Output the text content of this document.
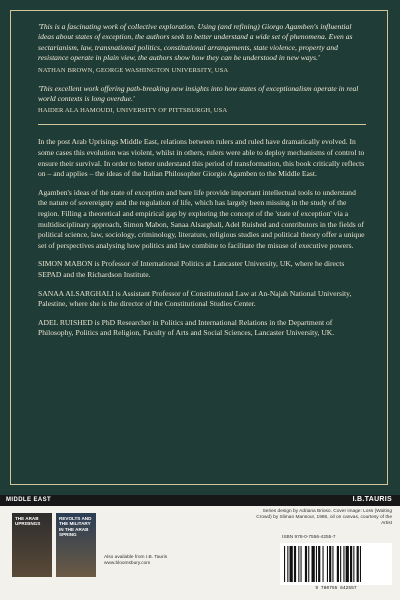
'This is a fascinating work of collective exploration. Using (and refining) Giorgo Agamben's influential ideas about states of exception, the authors seek to better understand a wide set of phenomena. Even as sectarianism, law, transnational politics, constitutional arrangements, state violence, property and resistance operate in plain view, the authors show how they can be understood in new ways.'

NATHAN BROWN, GEORGE WASHINGTON UNIVERSITY, USA

'This excellent work offering path-breaking new insights into how states of exceptionalism operate in real world contexts is long overdue.'

HAIDER ALA HAMOUDI, UNIVERSITY OF PITTSBURGH, USA

In the post Arab Uprisings Middle East, relations between rulers and ruled have dramatically evolved. In some cases this evolution was violent, whilst in others, rulers were able to deploy mechanisms of control to ensure their survival. In order to better understand this period of transformation, this book critically reflects on – and applies – the ideas of the Italian Philosopher Giorgio Agamben to the Middle East.

Agamben's ideas of the state of exception and bare life provide important intellectual tools to understand the nature of sovereignty and the regulation of life, which has largely been missing in the study of the region. Filling a theoretical and empirical gap by exploring the concept of the 'state of exception' via a multidisciplinary approach, Simon Mabon, Sanaa Alsarghali, Adel Ruished and contributors in the fields of political science, law, sociology, criminology, literature, religious studies and political theory offer a unique set of perspectives analysing how politics and law combine to facilitate the misuse of executive powers.

SIMON MABON is Professor of International Politics at Lancaster University, UK, where he directs SEPAD and the Richardson Institute.

SANAA ALSARGHALI is Assistant Professor of Constitutional Law at An-Najah National University, Palestine, where she is the director of the Constitutional Studies Center.

ADEL RUISHED is PhD Researcher in Politics and International Relations in the Department of Philosophy, Politics and Religion, Faculty of Arts and Social Sciences, Lancaster University, UK.

MIDDLE EAST	I.B.TAURIS
THE ARAB UPRISINGS
REVOLTS AND THE MILITARY IN THE ARAB SPRING
Also available from I.B. Tauris
www.bloomsbury.com
Series design by Adriana Brioso. Cover image: Loss (Waiting Crowd) by Sliman Mansour, 1986, oil on canvas, courtesy of the Artist
ISBN 978-0-7556-4255-7
9 780755 642557
